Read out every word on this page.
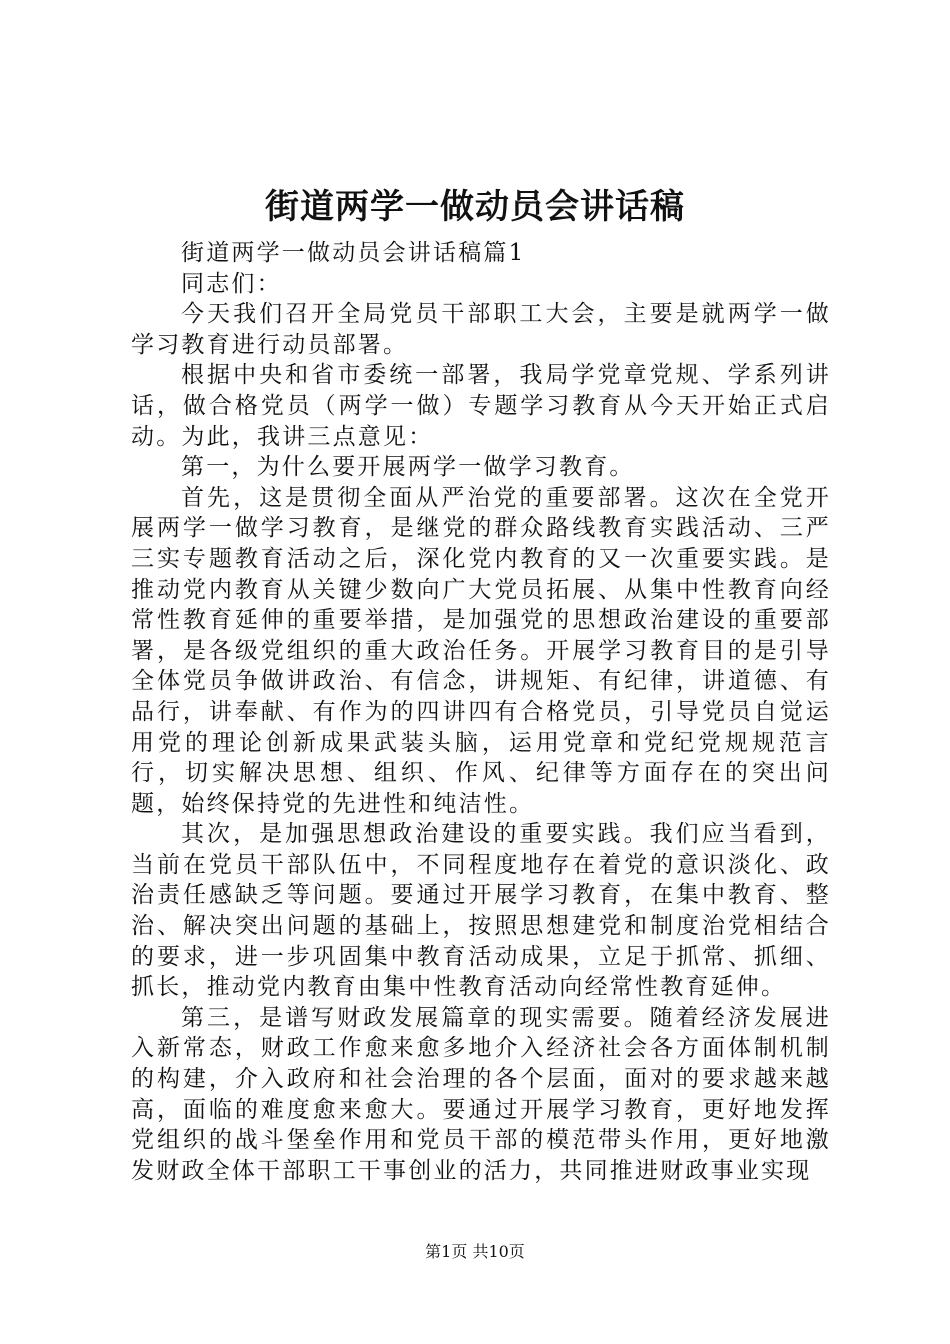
街道两学一做动员会讲话稿

街道两学一做动员会讲话稿篇1

同志们：

今天我们召开全局党员干部职工大会，主要是就两学一做学习教育进行动员部署。

根据中央和省市委统一部署，我局学党章党规、学系列讲话，做合格党员（两学一做）专题学习教育从今天开始正式启动。为此，我讲三点意见：

第一，为什么要开展两学一做学习教育。

首先，这是贯彻全面从严治党的重要部署。这次在全党开展两学一做学习教育，是继党的群众路线教育实践活动、三严三实专题教育活动之后，深化党内教育的又一次重要实践。是推动党内教育从关键少数向广大党员拓展、从集中性教育向经常性教育延伸的重要举措，是加强党的思想政治建设的重要部署，是各级党组织的重大政治任务。开展学习教育目的是引导全体党员争做讲政治、有信念，讲规矩、有纪律，讲道德、有品行，讲奉献、有作为的四讲四有合格党员，引导党员自觉运用党的理论创新成果武装头脑，运用党章和党纪党规规范言行，切实解决思想、组织、作风、纪律等方面存在的突出问题，始终保持党的先进性和纯洁性。

其次，是加强思想政治建设的重要实践。我们应当看到，当前在党员干部队伍中，不同程度地存在着党的意识淡化、政治责任感缺乏等问题。要通过开展学习教育，在集中教育、整治、解决突出问题的基础上，按照思想建党和制度治党相结合的要求，进一步巩固集中教育活动成果，立足于抓常、抓细、抓长，推动党内教育由集中性教育活动向经常性教育延伸。

第三，是谱写财政发展篇章的现实需要。随着经济发展进入新常态，财政工作愈来愈多地介入经济社会各方面体制机制的构建，介入政府和社会治理的各个层面，面对的要求越来越高，面临的难度愈来愈大。要通过开展学习教育，更好地发挥党组织的战斗堡垒作用和党员干部的模范带头作用，更好地激发财政全体干部职工干事创业的活力，共同推进财政事业实现

第1页 共10页
